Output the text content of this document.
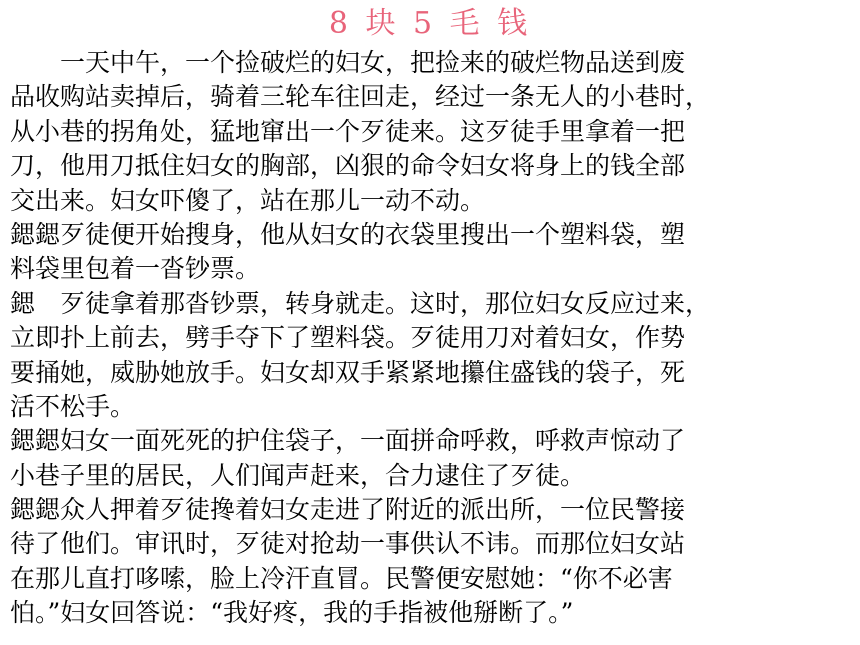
8 块 5 毛 钱
一天中午，一个捡破烂的妇女，把捡来的破烂物品送到废
品收购站卖掉后，骑着三轮车往回走，经过一条无人的小巷时，
从小巷的拐角处，猛地窜出一个歹徒来。这歹徒手里拿着一把
刀，他用刀抵住妇女的胸部，凶狠的命令妇女将身上的钱全部
交出来。妇女吓傻了，站在那儿一动不动。
鍶鍶歹徒便开始搜身，他从妇女的衣袋里搜出一个塑料袋，塑
料袋里包着一沓钞票。
鍶　歹徒拿着那沓钞票，转身就走。这时，那位妇女反应过来，
立即扑上前去，劈手夺下了塑料袋。歹徒用刀对着妇女，作势
要捅她，威胁她放手。妇女却双手紧紧地攥住盛钱的袋子，死
活不松手。
鍶鍶妇女一面死死的护住袋子，一面拼命呼救，呼救声惊动了
小巷子里的居民，人们闻声赶来，合力逮住了歹徒。
鍶鍶众人押着歹徒搀着妇女走进了附近的派出所，一位民警接
待了他们。审讯时，歹徒对抢劫一事供认不讳。而那位妇女站
在那儿直打哆嗦，脸上冷汗直冒。民警便安慰她：“你不必害
怕。”妇女回答说：“我好疼，我的手指被他掰断了。”
